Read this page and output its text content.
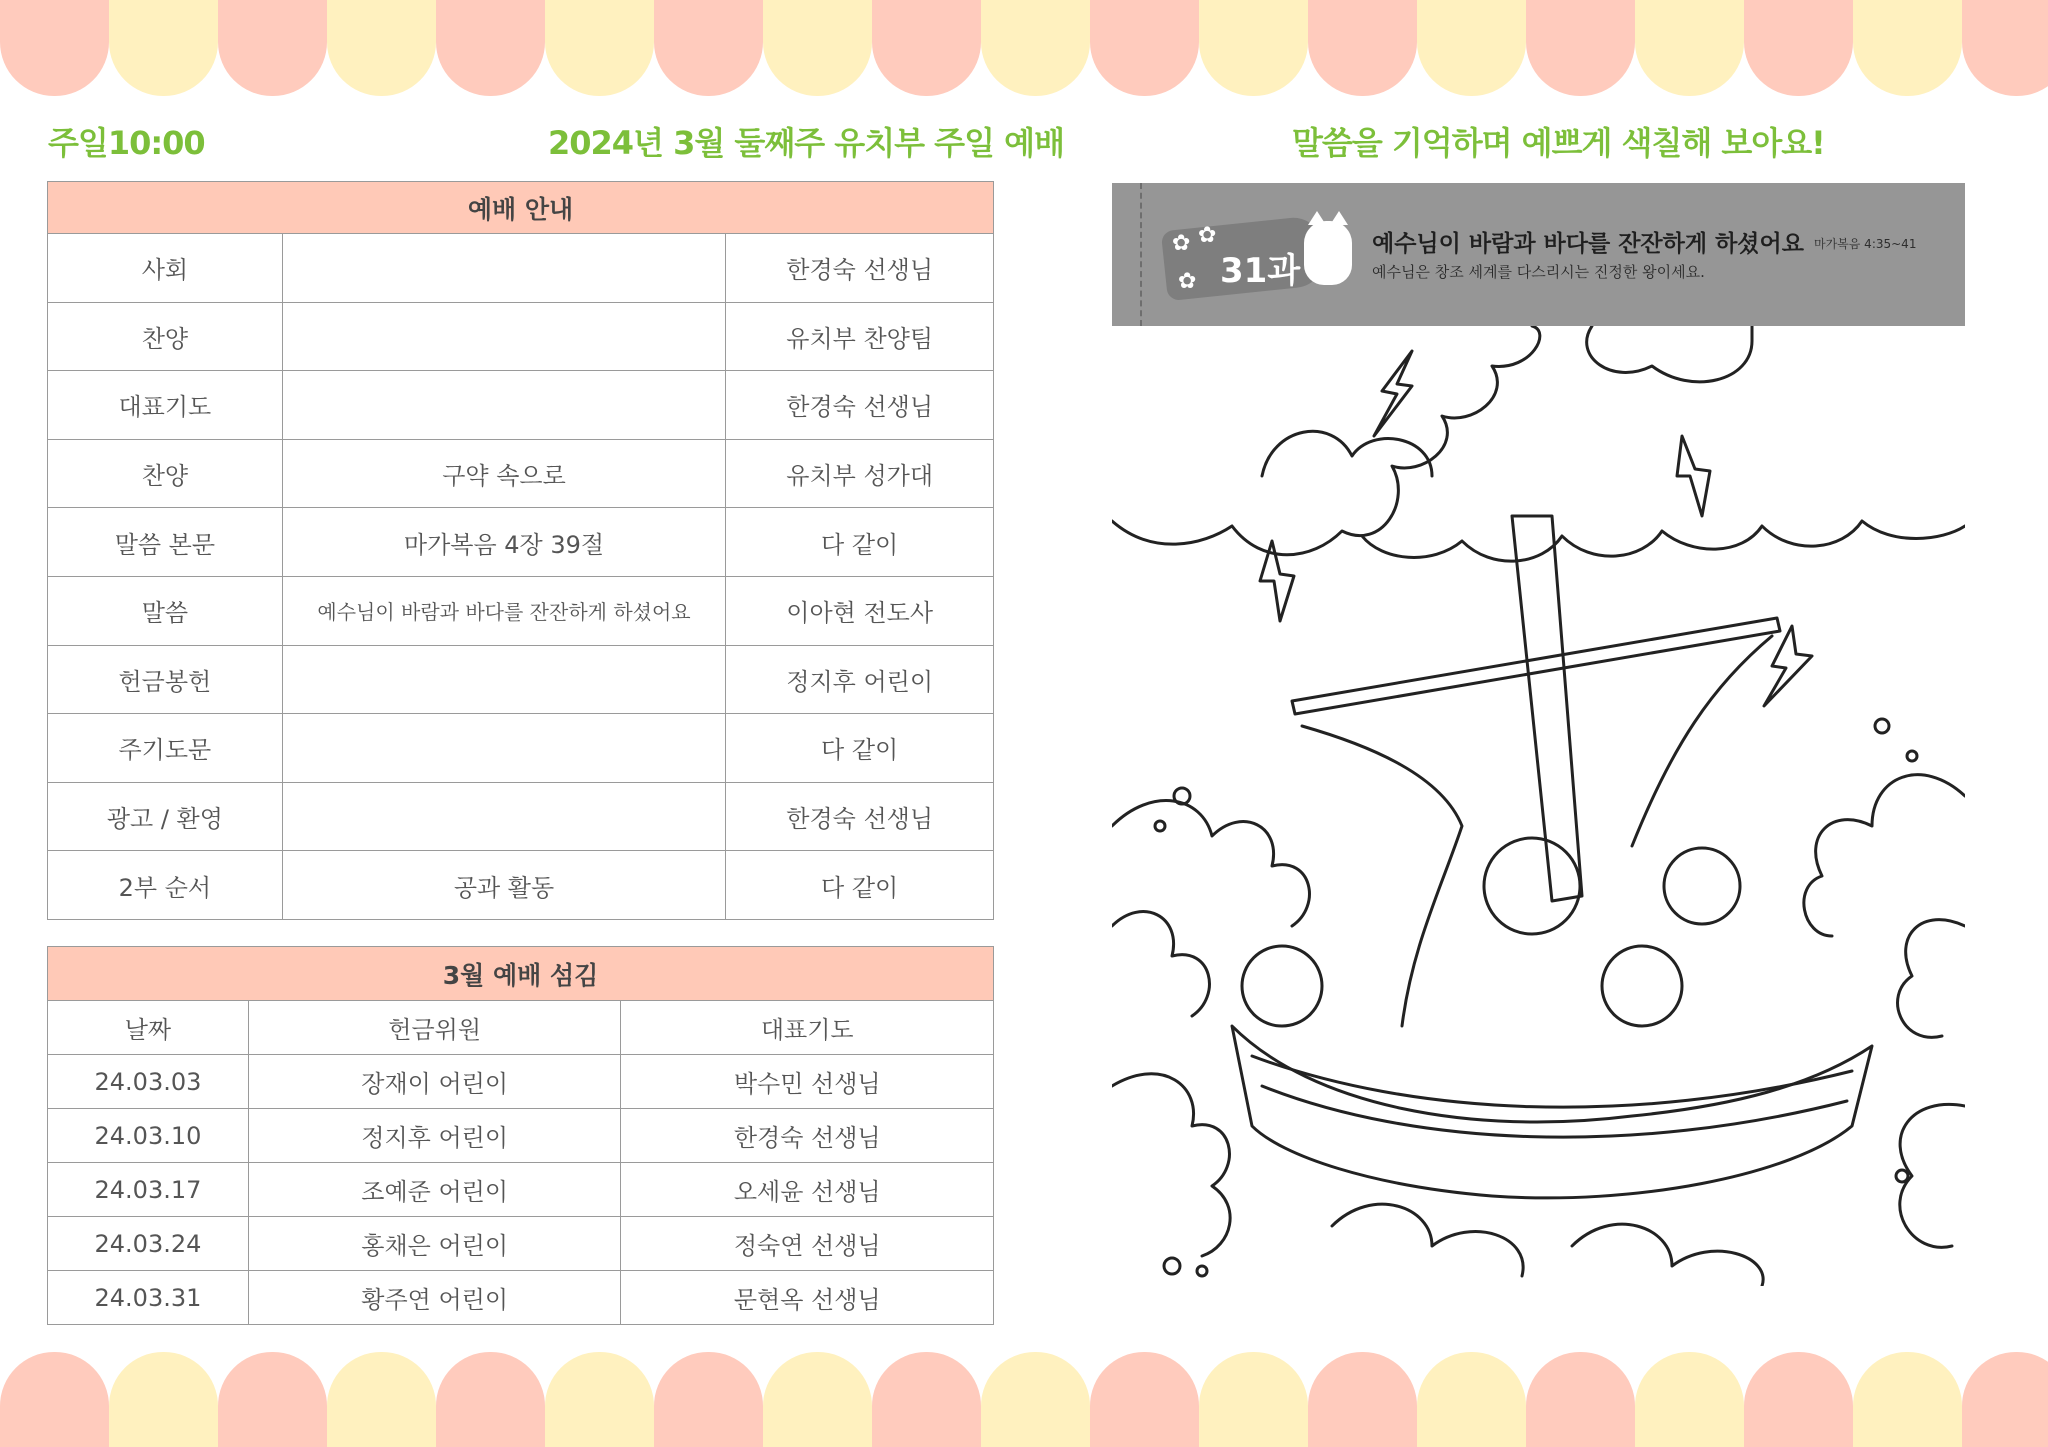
주일10:00	2024년 3월 둘째주 유치부 주일 예배	말씀을 기억하며 예쁘게 색칠해 보아요!
예배 안내		
사회		한경숙 선생님
찬양		유치부 찬양팀
대표기도		한경숙 선생님
찬양	구약 속으로	유치부 성가대
말씀 본문	마가복음 4장 39절	다 같이
말씀	예수님이 바람과 바다를 잔잔하게 하셨어요	이아현 전도사
헌금봉헌		정지후 어린이
주기도문		다 같이
광고 / 환영		한경숙 선생님
2부 순서	공과 활동	다 같이
3월 예배 섬김		
날짜	헌금위원	대표기도
24.03.03	장재이 어린이	박수민 선생님
24.03.10	정지후 어린이	한경숙 선생님
24.03.17	조예준 어린이	오세윤 선생님
24.03.24	홍채은 어린이	정숙연 선생님
24.03.31	황주연 어린이	문현옥 선생님
✿ ✿
✿ 31과
예수님이 바람과 바다를 잔잔하게 하셨어요 마가복음 4:35~41
예수님은 창조 세계를 다스리시는 진정한 왕이세요.
